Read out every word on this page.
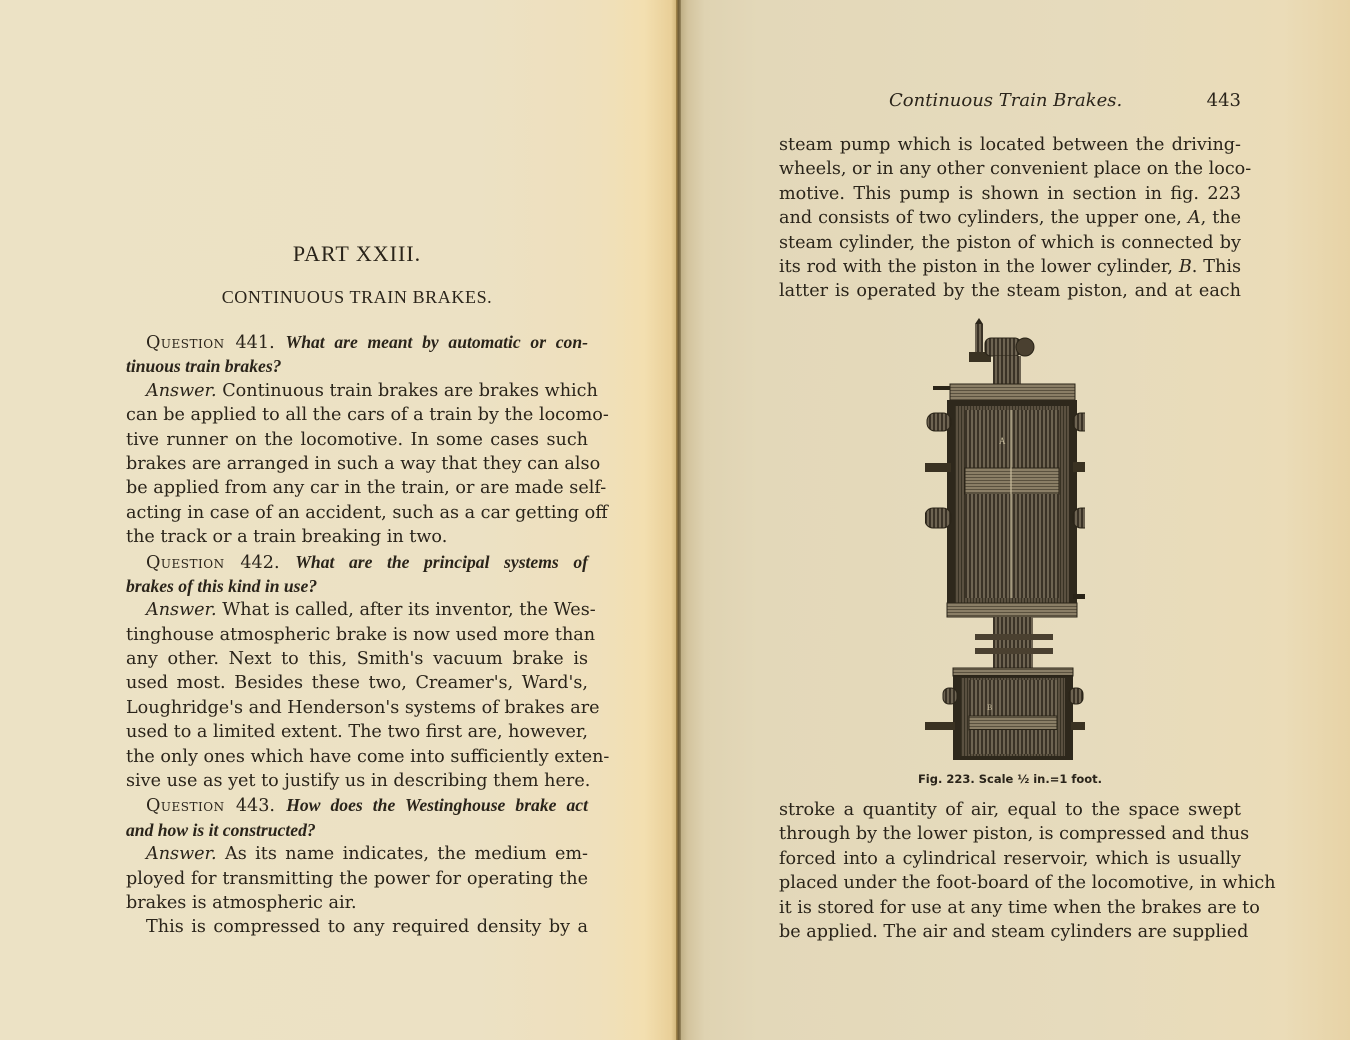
PART XXIII.
CONTINUOUS TRAIN BRAKES.
Question 441. What are meant by automatic or con-
tinuous train brakes?
Answer. Continuous train brakes are brakes which
can be applied to all the cars of a train by the locomo-
tive runner on the locomotive. In some cases such
brakes are arranged in such a way that they can also
be applied from any car in the train, or are made self-
acting in case of an accident, such as a car getting off
the track or a train breaking in two.
Question 442. What are the principal systems of
brakes of this kind in use?
Answer. What is called, after its inventor, the Wes-
tinghouse atmospheric brake is now used more than
any other. Next to this, Smith's vacuum brake is
used most. Besides these two, Creamer's, Ward's,
Loughridge's and Henderson's systems of brakes are
used to a limited extent. The two first are, however,
the only ones which have come into sufficiently exten-
sive use as yet to justify us in describing them here.
Question 443. How does the Westinghouse brake act
and how is it constructed?
Answer. As its name indicates, the medium em-
ployed for transmitting the power for operating the
brakes is atmospheric air.
This is compressed to any required density by a
Continuous Train Brakes.	443
steam pump which is located between the driving-
wheels, or in any other convenient place on the loco-
motive. This pump is shown in section in fig. 223
and consists of two cylinders, the upper one, A, the
steam cylinder, the piston of which is connected by
its rod with the piston in the lower cylinder, B. This
latter is operated by the steam piston, and at each
A
B
Fig. 223. Scale ½ in.=1 foot.
stroke a quantity of air, equal to the space swept
through by the lower piston, is compressed and thus
forced into a cylindrical reservoir, which is usually
placed under the foot-board of the locomotive, in which
it is stored for use at any time when the brakes are to
be applied. The air and steam cylinders are supplied
